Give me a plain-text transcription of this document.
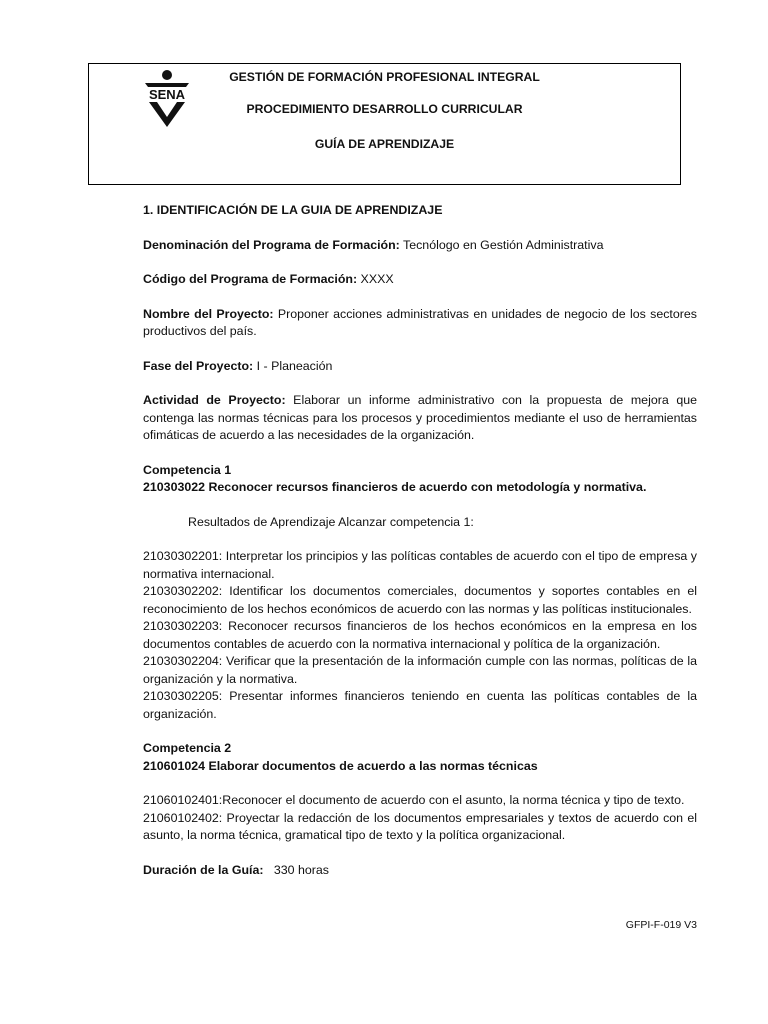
SENA
GESTIÓN DE FORMACIÓN PROFESIONAL INTEGRAL
PROCEDIMIENTO DESARROLLO CURRICULAR
GUÍA DE APRENDIZAJE

1. IDENTIFICACIÓN DE LA GUIA DE APRENDIZAJE

Denominación del Programa de Formación: Tecnólogo en Gestión Administrativa

Código del Programa de Formación: XXXX

Nombre del Proyecto: Proponer acciones administrativas en unidades de negocio de los sectores productivos del país.

Fase del Proyecto: I - Planeación

Actividad de Proyecto: Elaborar un informe administrativo con la propuesta de mejora que contenga las normas técnicas para los procesos y procedimientos mediante el uso de herramientas ofimáticas de acuerdo a las necesidades de la organización.

Competencia 1

210303022 Reconocer recursos financieros de acuerdo con metodología y normativa.

Resultados de Aprendizaje Alcanzar competencia 1:

21030302201: Interpretar los principios y las políticas contables de acuerdo con el tipo de empresa y normativa internacional.

21030302202: Identificar los documentos comerciales, documentos y soportes contables en el reconocimiento de los hechos económicos de acuerdo con las normas y las políticas institucionales.

21030302203: Reconocer recursos financieros de los hechos económicos en la empresa en los documentos contables de acuerdo con la normativa internacional y política de la organización.

21030302204: Verificar que la presentación de la información cumple con las normas, políticas de la organización y la normativa.

21030302205: Presentar informes financieros teniendo en cuenta las políticas contables de la organización.

Competencia 2

210601024 Elaborar documentos de acuerdo a las normas técnicas

21060102401:Reconocer el documento de acuerdo con el asunto, la norma técnica y tipo de texto.

21060102402: Proyectar la redacción de los documentos empresariales y textos de acuerdo con el asunto, la norma técnica, gramatical tipo de texto y la política organizacional.

Duración de la Guía: 330 horas

GFPI-F-019 V3
